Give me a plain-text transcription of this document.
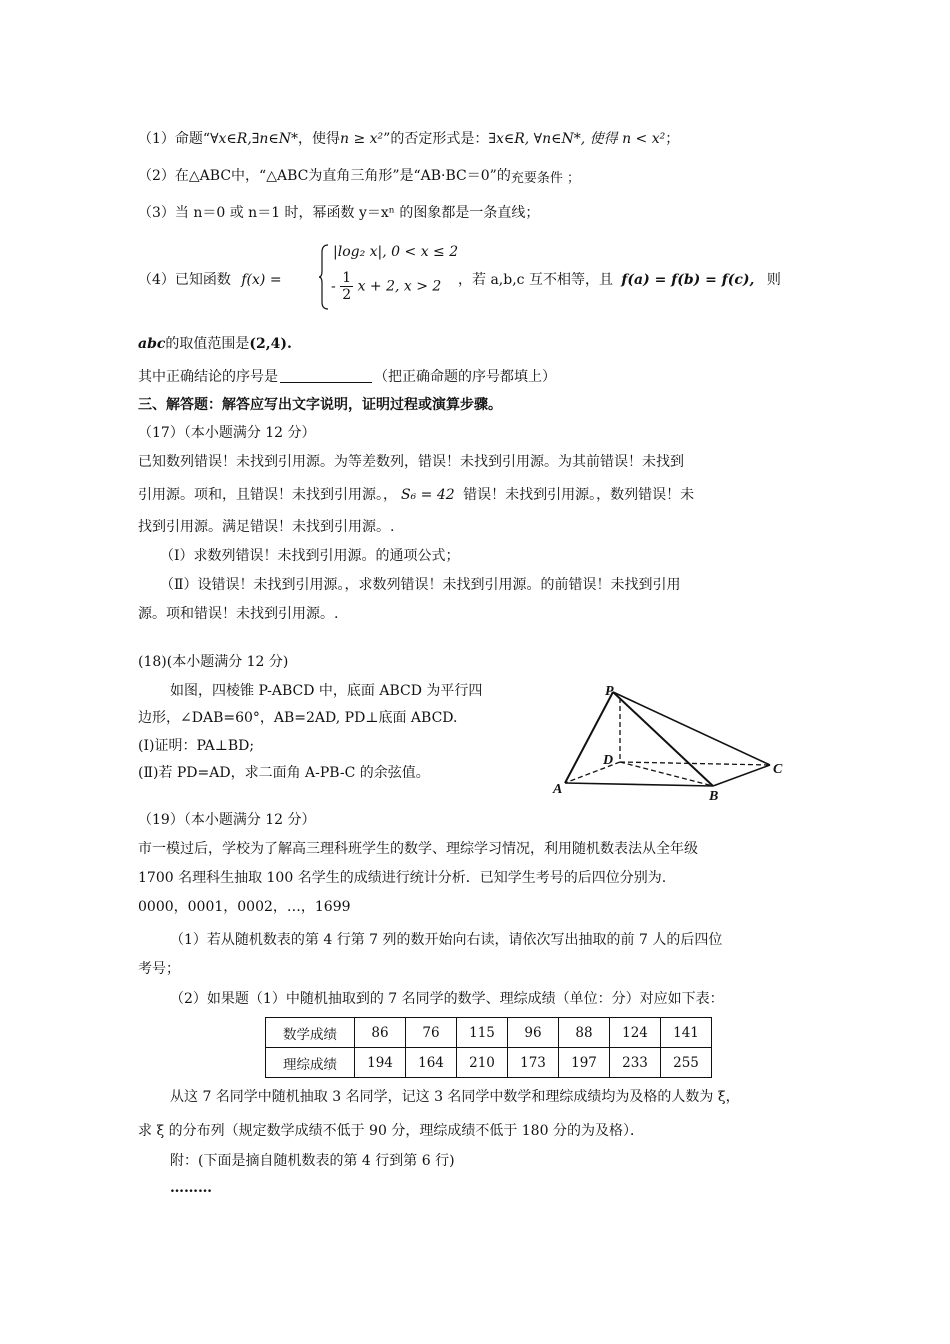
（1）命题“∀x∈R,∃n∈N*，使得n ≥ x²”的否定形式是：∃x∈R, ∀n∈N*, 使得 n < x²；
（2）在△ABC中，“△ABC为直角三角形”是“AB·BC＝0”的充要条件 ；
（3）当 n＝0 或 n＝1 时，幂函数 y＝xⁿ 的图象都是一条直线；
（4）已知函数 f(x) =
|log₂ x|, 0 < x ≤ 2
- $\frac{1}{2}$ x + 2, x > 2 ，若 a,b,c 互不相等，且 f(a) = f(b) = f(c), 则
abc的取值范围是(2,4).
其中正确结论的序号是	（把正确命题的序号都填上）
三、解答题：解答应写出文字说明，证明过程或演算步骤。
（17）（本小题满分 12 分）
已知数列错误！未找到引用源。为等差数列，错误！未找到引用源。为其前错误！未找到
引用源。项和，且错误！未找到引用源。， S₆ = 42 错误！未找到引用源。，数列错误！未
找到引用源。满足错误！未找到引用源。.
（Ⅰ）求数列错误！未找到引用源。的通项公式；
（Ⅱ）设错误！未找到引用源。，求数列错误！未找到引用源。的前错误！未找到引用
源。项和错误！未找到引用源。.
(18)(本小题满分 12 分)
如图，四棱锥 P-ABCD 中，底面 ABCD 为平行四
边形，∠DAB=60°，AB=2AD, PD⊥底面 ABCD.
(Ⅰ)证明：PA⊥BD;
(Ⅱ)若 PD=AD，求二面角 A-PB-C 的余弦值。
P
D
A	B
C
（19）（本小题满分 12 分）
市一模过后，学校为了解高三理科班学生的数学、理综学习情况，利用随机数表法从全年级
1700 名理科生抽取 100 名学生的成绩进行统计分析．已知学生考号的后四位分别为.
0000，0001，0002，…，1699
（1）若从随机数表的第 4 行第 7 列的数开始向右读，请依次写出抽取的前 7 人的后四位
考号；
（2）如果题（1）中随机抽取到的 7 名同学的数学、理综成绩（单位：分）对应如下表：
数学成绩	86	76	115	96	88	124	141
理综成绩	194	164	210	173	197	233	255
从这 7 名同学中随机抽取 3 名同学，记这 3 名同学中数学和理综成绩均为及格的人数为 ξ，
求 ξ 的分布列（规定数学成绩不低于 90 分，理综成绩不低于 180 分的为及格）．
附：(下面是摘自随机数表的第 4 行到第 6 行)
………
